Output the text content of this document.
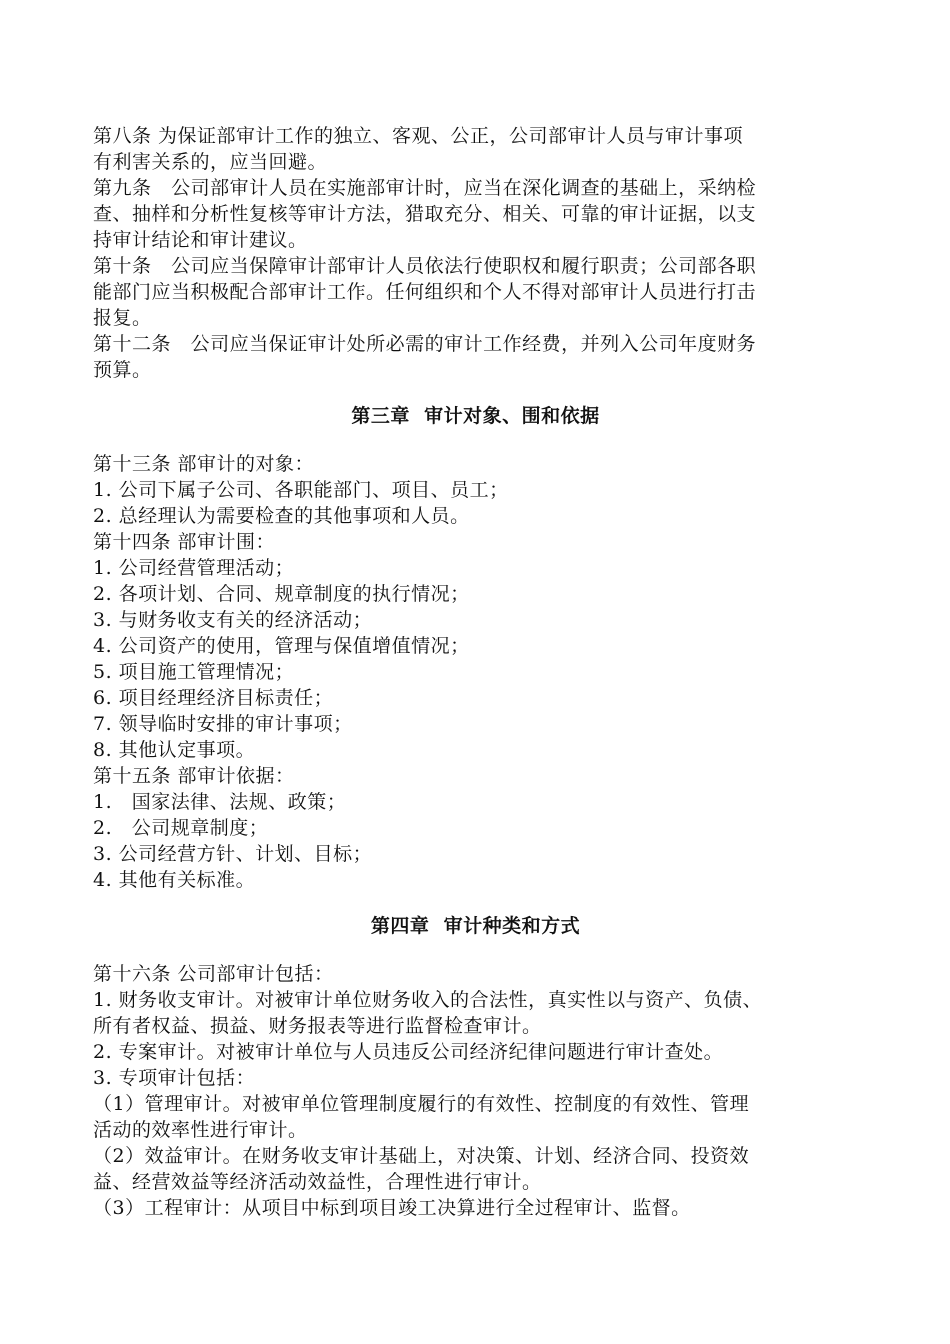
第八条 为保证部审计工作的独立、客观、公正，公司部审计人员与审计事项
有利害关系的，应当回避。
第九条   公司部审计人员在实施部审计时，应当在深化调查的基础上，采纳检
查、抽样和分析性复核等审计方法，猎取充分、相关、可靠的审计证据，以支
持审计结论和审计建议。
第十条   公司应当保障审计部审计人员依法行使职权和履行职责；公司部各职
能部门应当积极配合部审计工作。任何组织和个人不得对部审计人员进行打击
报复。
第十二条   公司应当保证审计处所必需的审计工作经费，并列入公司年度财务
预算。
第三章  审计对象、围和依据
第十三条 部审计的对象：
1. 公司下属子公司、各职能部门、项目、员工；
2. 总经理认为需要检查的其他事项和人员。
第十四条 部审计围：
1. 公司经营管理活动；
2. 各项计划、合同、规章制度的执行情况；
3. 与财务收支有关的经济活动；
4. 公司资产的使用，管理与保值增值情况；
5. 项目施工管理情况；
6. 项目经理经济目标责任；
7. 领导临时安排的审计事项；
8. 其他认定事项。
第十五条 部审计依据：
1.   国家法律、法规、政策；
2.   公司规章制度；
3. 公司经营方针、计划、目标；
4. 其他有关标准。
第四章  审计种类和方式
第十六条 公司部审计包括：
1. 财务收支审计。对被审计单位财务收入的合法性，真实性以与资产、负债、
所有者权益、损益、财务报表等进行监督检查审计。
2. 专案审计。对被审计单位与人员违反公司经济纪律问题进行审计查处。
3. 专项审计包括：
（1）管理审计。对被审单位管理制度履行的有效性、控制度的有效性、管理
活动的效率性进行审计。
（2）效益审计。在财务收支审计基础上，对决策、计划、经济合同、投资效
益、经营效益等经济活动效益性，合理性进行审计。
（3）工程审计：从项目中标到项目竣工决算进行全过程审计、监督。
